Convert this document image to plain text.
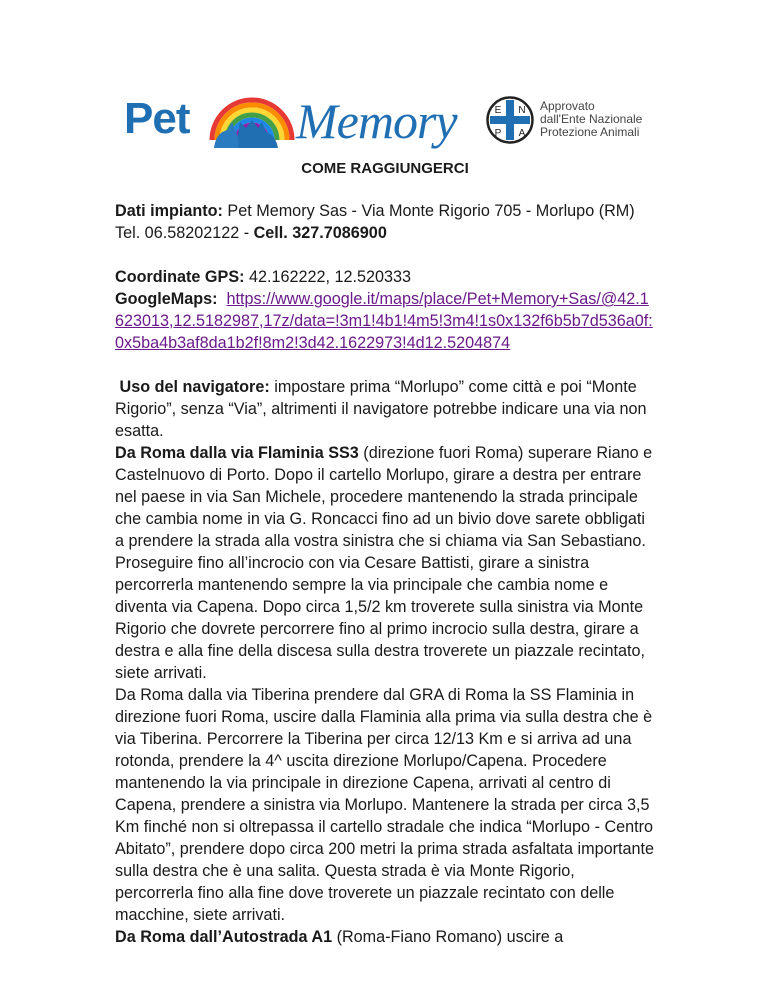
Pet Memory	E N
P A
Approvato
dall'Ente Nazionale
Protezione Animali
COME RAGGIUNGERCI

Dati impianto: Pet Memory Sas - Via Monte Rigorio 705 - Morlupo (RM) Tel. 06.58202122 - Cell. 327.7086900

Coordinate GPS: 42.162222, 12.520333
GoogleMaps: https://www.google.it/maps/place/Pet+Memory+Sas/@42.1623013,12.5182987,17z/data=!3m1!4b1!4m5!3m4!1s0x132f6b5b7d536a0f:0x5ba4b3af8da1b2f!8m2!3d42.1622973!4d12.5204874

Uso del navigatore: impostare prima “Morlupo” come città e poi “Monte Rigorio”, senza “Via”, altrimenti il navigatore potrebbe indicare una via non esatta.
Da Roma dalla via Flaminia SS3 (direzione fuori Roma) superare Riano e Castelnuovo di Porto. Dopo il cartello Morlupo, girare a destra per entrare nel paese in via San Michele, procedere mantenendo la strada principale che cambia nome in via G. Roncacci fino ad un bivio dove sarete obbligati a prendere la strada alla vostra sinistra che si chiama via San Sebastiano. Proseguire fino all’incrocio con via Cesare Battisti, girare a sinistra percorrerla mantenendo sempre la via principale che cambia nome e diventa via Capena. Dopo circa 1,5/2 km troverete sulla sinistra via Monte Rigorio che dovrete percorrere fino al primo incrocio sulla destra, girare a destra e alla fine della discesa sulla destra troverete un piazzale recintato, siete arrivati.
Da Roma dalla via Tiberina prendere dal GRA di Roma la SS Flaminia in direzione fuori Roma, uscire dalla Flaminia alla prima via sulla destra che è via Tiberina. Percorrere la Tiberina per circa 12/13 Km e si arriva ad una rotonda, prendere la 4^ uscita direzione Morlupo/Capena. Procedere mantenendo la via principale in direzione Capena, arrivati al centro di Capena, prendere a sinistra via Morlupo. Mantenere la strada per circa 3,5 Km finché non si oltrepassa il cartello stradale che indica “Morlupo - Centro Abitato”, prendere dopo circa 200 metri la prima strada asfaltata importante sulla destra che è una salita. Questa strada è via Monte Rigorio, percorrerla fino alla fine dove troverete un piazzale recintato con delle macchine, siete arrivati.
Da Roma dall’Autostrada A1 (Roma-Fiano Romano) uscire a
